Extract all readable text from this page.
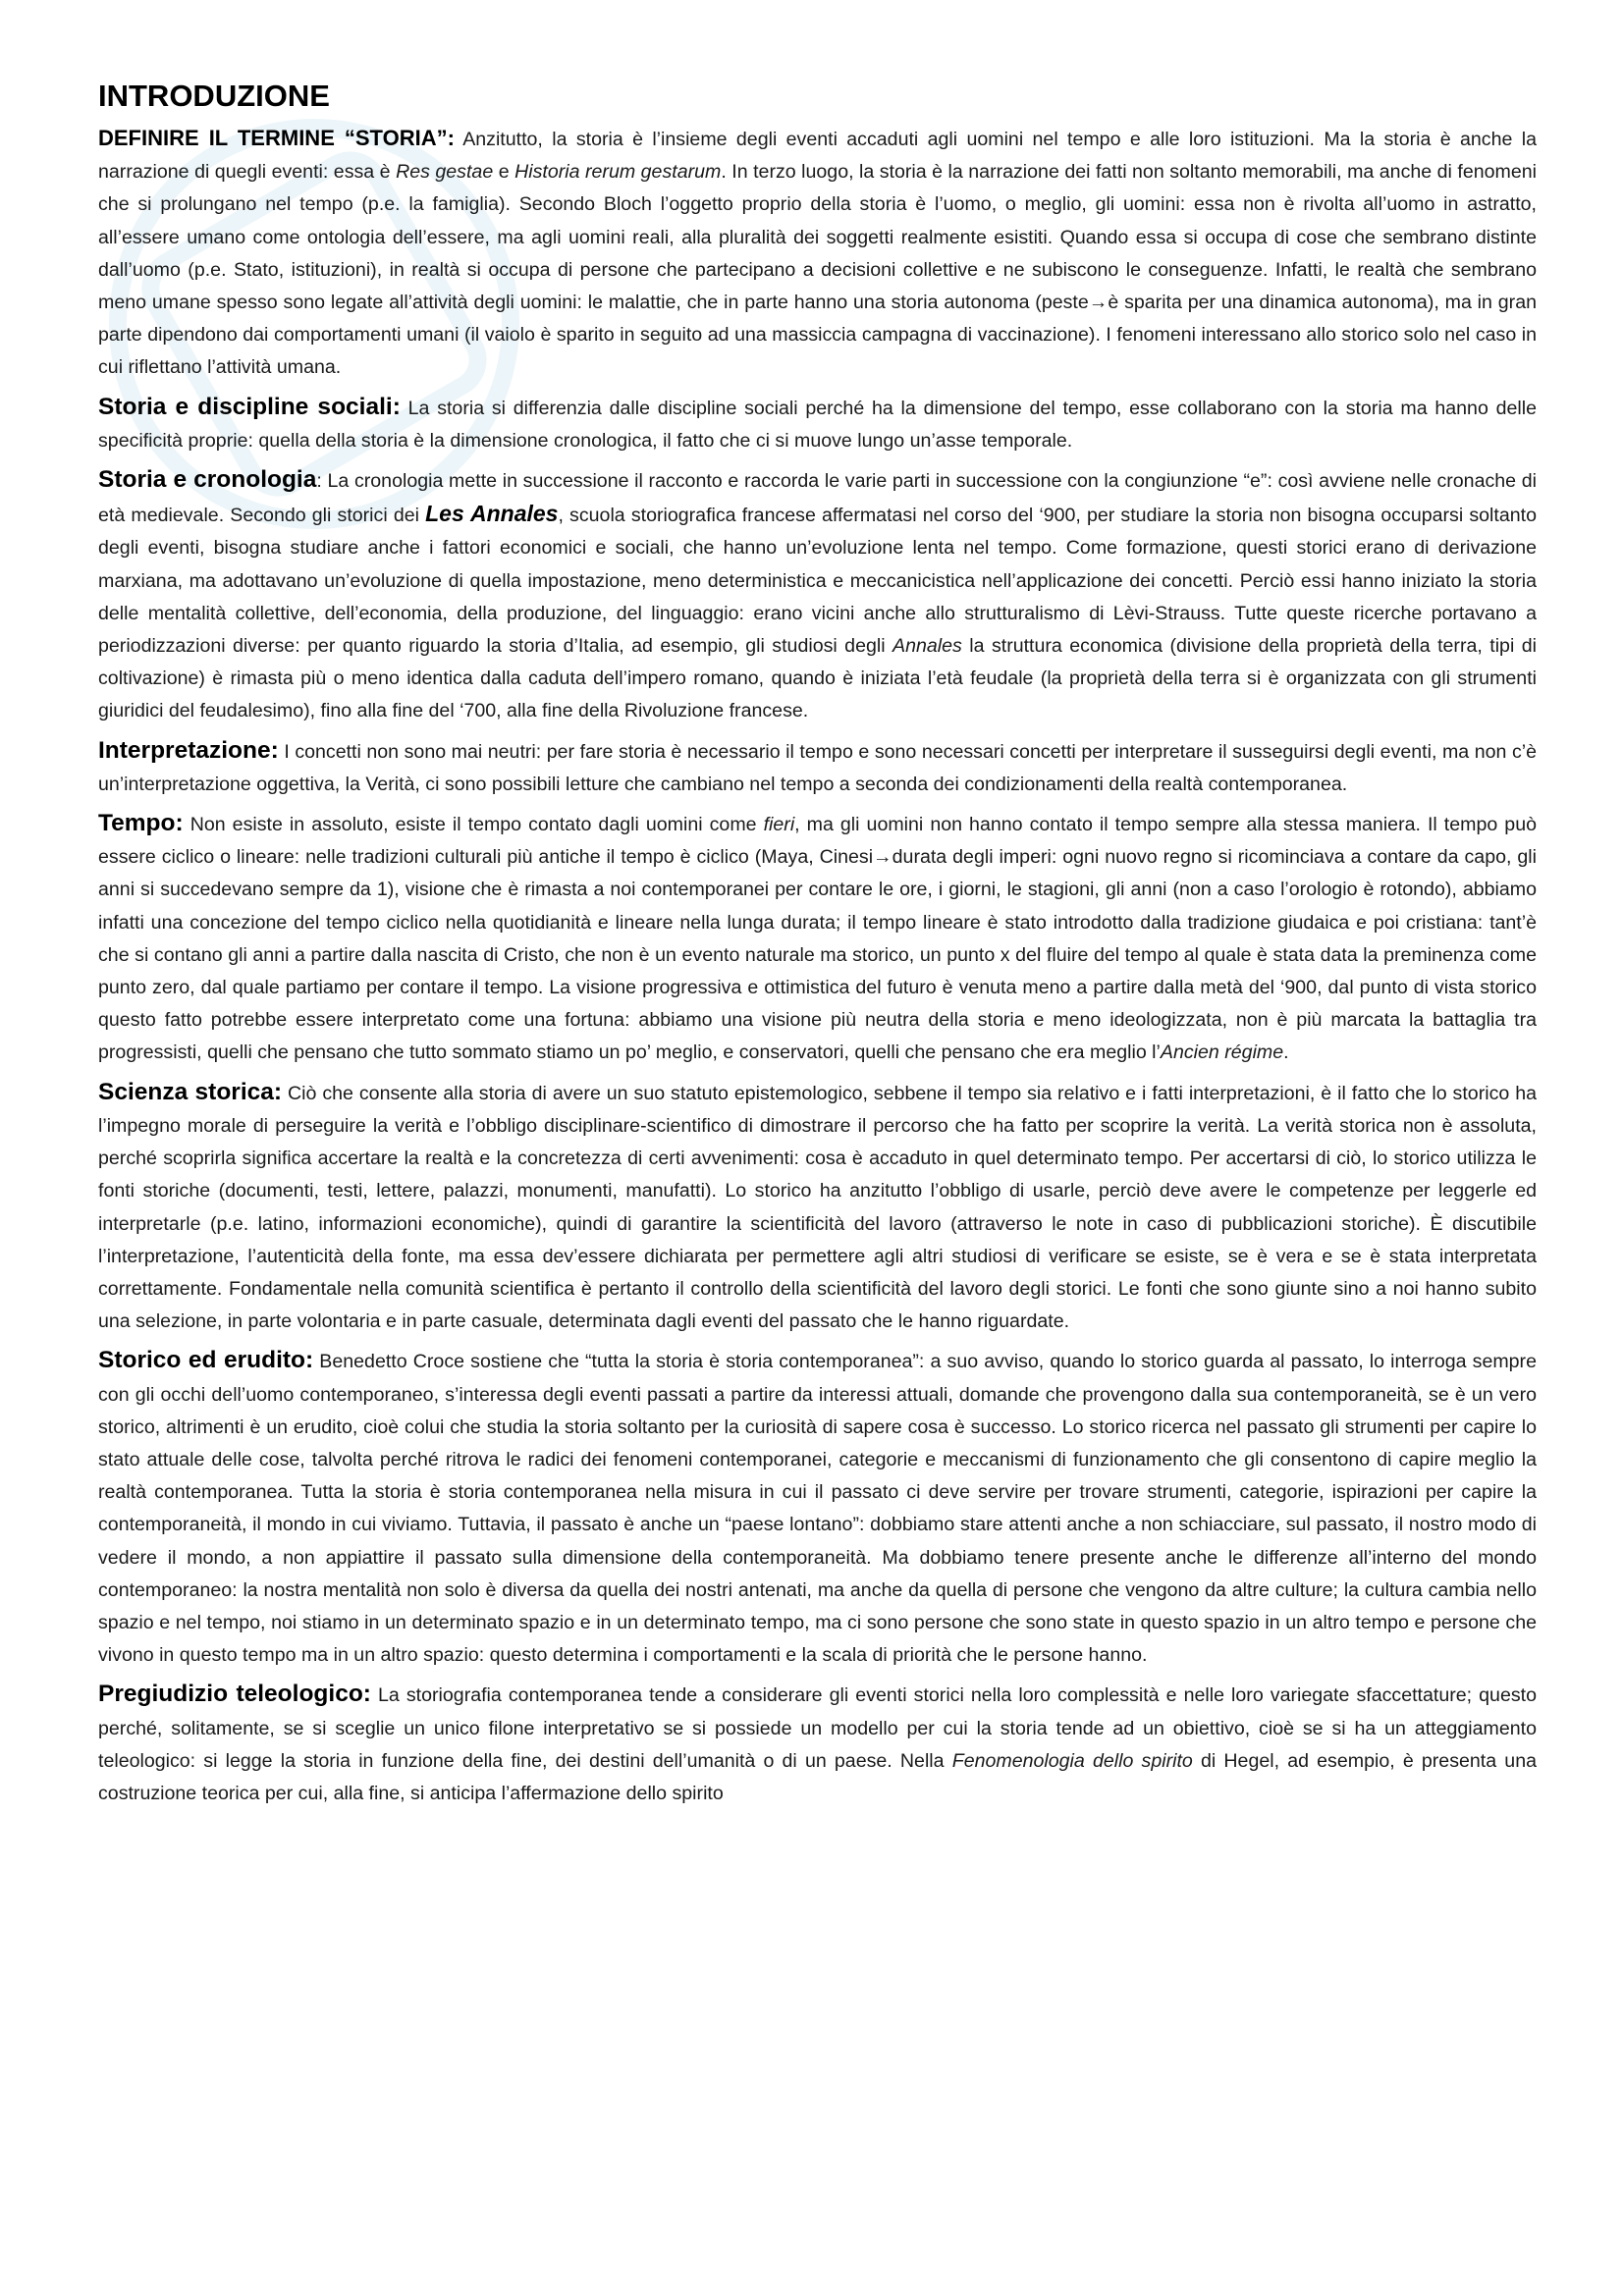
INTRODUZIONE

DEFINIRE IL TERMINE “STORIA”: Anzitutto, la storia è l’insieme degli eventi accaduti agli uomini nel tempo e alle loro istituzioni. Ma la storia è anche la narrazione di quegli eventi: essa è Res gestae e Historia rerum gestarum. In terzo luogo, la storia è la narrazione dei fatti non soltanto memorabili, ma anche di fenomeni che si prolungano nel tempo (p.e. la famiglia). Secondo Bloch l’oggetto proprio della storia è l’uomo, o meglio, gli uomini: essa non è rivolta all’uomo in astratto, all’essere umano come ontologia dell’essere, ma agli uomini reali, alla pluralità dei soggetti realmente esistiti. Quando essa si occupa di cose che sembrano distinte dall’uomo (p.e. Stato, istituzioni), in realtà si occupa di persone che partecipano a decisioni collettive e ne subiscono le conseguenze. Infatti, le realtà che sembrano meno umane spesso sono legate all’attività degli uomini: le malattie, che in parte hanno una storia autonoma (peste→è sparita per una dinamica autonoma), ma in gran parte dipendono dai comportamenti umani (il vaiolo è sparito in seguito ad una massiccia campagna di vaccinazione). I fenomeni interessano allo storico solo nel caso in cui riflettano l’attività umana.

Storia e discipline sociali: La storia si differenzia dalle discipline sociali perché ha la dimensione del tempo, esse collaborano con la storia ma hanno delle specificità proprie: quella della storia è la dimensione cronologica, il fatto che ci si muove lungo un’asse temporale.

Storia e cronologia: La cronologia mette in successione il racconto e raccorda le varie parti in successione con la congiunzione “e”: così avviene nelle cronache di età medievale. Secondo gli storici dei Les Annales, scuola storiografica francese affermatasi nel corso del ‘900, per studiare la storia non bisogna occuparsi soltanto degli eventi, bisogna studiare anche i fattori economici e sociali, che hanno un’evoluzione lenta nel tempo. Come formazione, questi storici erano di derivazione marxiana, ma adottavano un’evoluzione di quella impostazione, meno deterministica e meccanicistica nell’applicazione dei concetti. Perciò essi hanno iniziato la storia delle mentalità collettive, dell’economia, della produzione, del linguaggio: erano vicini anche allo strutturalismo di Lèvi-Strauss. Tutte queste ricerche portavano a periodizzazioni diverse: per quanto riguardo la storia d’Italia, ad esempio, gli studiosi degli Annales la struttura economica (divisione della proprietà della terra, tipi di coltivazione) è rimasta più o meno identica dalla caduta dell’impero romano, quando è iniziata l’età feudale (la proprietà della terra si è organizzata con gli strumenti giuridici del feudalesimo), fino alla fine del ‘700, alla fine della Rivoluzione francese.

Interpretazione: I concetti non sono mai neutri: per fare storia è necessario il tempo e sono necessari concetti per interpretare il susseguirsi degli eventi, ma non c’è un’interpretazione oggettiva, la Verità, ci sono possibili letture che cambiano nel tempo a seconda dei condizionamenti della realtà contemporanea.

Tempo: Non esiste in assoluto, esiste il tempo contato dagli uomini come fieri, ma gli uomini non hanno contato il tempo sempre alla stessa maniera. Il tempo può essere ciclico o lineare: nelle tradizioni culturali più antiche il tempo è ciclico (Maya, Cinesi→durata degli imperi: ogni nuovo regno si ricominciava a contare da capo, gli anni si succedevano sempre da 1), visione che è rimasta a noi contemporanei per contare le ore, i giorni, le stagioni, gli anni (non a caso l’orologio è rotondo), abbiamo infatti una concezione del tempo ciclico nella quotidianità e lineare nella lunga durata; il tempo lineare è stato introdotto dalla tradizione giudaica e poi cristiana: tant’è che si contano gli anni a partire dalla nascita di Cristo, che non è un evento naturale ma storico, un punto x del fluire del tempo al quale è stata data la preminenza come punto zero, dal quale partiamo per contare il tempo. La visione progressiva e ottimistica del futuro è venuta meno a partire dalla metà del ‘900, dal punto di vista storico questo fatto potrebbe essere interpretato come una fortuna: abbiamo una visione più neutra della storia e meno ideologizzata, non è più marcata la battaglia tra progressisti, quelli che pensano che tutto sommato stiamo un po’ meglio, e conservatori, quelli che pensano che era meglio l’Ancien régime.

Scienza storica: Ciò che consente alla storia di avere un suo statuto epistemologico, sebbene il tempo sia relativo e i fatti interpretazioni, è il fatto che lo storico ha l’impegno morale di perseguire la verità e l’obbligo disciplinare-scientifico di dimostrare il percorso che ha fatto per scoprire la verità. La verità storica non è assoluta, perché scoprirla significa accertare la realtà e la concretezza di certi avvenimenti: cosa è accaduto in quel determinato tempo. Per accertarsi di ciò, lo storico utilizza le fonti storiche (documenti, testi, lettere, palazzi, monumenti, manufatti). Lo storico ha anzitutto l’obbligo di usarle, perciò deve avere le competenze per leggerle ed interpretarle (p.e. latino, informazioni economiche), quindi di garantire la scientificità del lavoro (attraverso le note in caso di pubblicazioni storiche). È discutibile l’interpretazione, l’autenticità della fonte, ma essa dev’essere dichiarata per permettere agli altri studiosi di verificare se esiste, se è vera e se è stata interpretata correttamente. Fondamentale nella comunità scientifica è pertanto il controllo della scientificità del lavoro degli storici. Le fonti che sono giunte sino a noi hanno subito una selezione, in parte volontaria e in parte casuale, determinata dagli eventi del passato che le hanno riguardate.

Storico ed erudito: Benedetto Croce sostiene che “tutta la storia è storia contemporanea”: a suo avviso, quando lo storico guarda al passato, lo interroga sempre con gli occhi dell’uomo contemporaneo, s’interessa degli eventi passati a partire da interessi attuali, domande che provengono dalla sua contemporaneità, se è un vero storico, altrimenti è un erudito, cioè colui che studia la storia soltanto per la curiosità di sapere cosa è successo. Lo storico ricerca nel passato gli strumenti per capire lo stato attuale delle cose, talvolta perché ritrova le radici dei fenomeni contemporanei, categorie e meccanismi di funzionamento che gli consentono di capire meglio la realtà contemporanea. Tutta la storia è storia contemporanea nella misura in cui il passato ci deve servire per trovare strumenti, categorie, ispirazioni per capire la contemporaneità, il mondo in cui viviamo. Tuttavia, il passato è anche un “paese lontano”: dobbiamo stare attenti anche a non schiacciare, sul passato, il nostro modo di vedere il mondo, a non appiattire il passato sulla dimensione della contemporaneità. Ma dobbiamo tenere presente anche le differenze all’interno del mondo contemporaneo: la nostra mentalità non solo è diversa da quella dei nostri antenati, ma anche da quella di persone che vengono da altre culture; la cultura cambia nello spazio e nel tempo, noi stiamo in un determinato spazio e in un determinato tempo, ma ci sono persone che sono state in questo spazio in un altro tempo e persone che vivono in questo tempo ma in un altro spazio: questo determina i comportamenti e la scala di priorità che le persone hanno.

Pregiudizio teleologico: La storiografia contemporanea tende a considerare gli eventi storici nella loro complessità e nelle loro variegate sfaccettature; questo perché, solitamente, se si sceglie un unico filone interpretativo se si possiede un modello per cui la storia tende ad un obiettivo, cioè se si ha un atteggiamento teleologico: si legge la storia in funzione della fine, dei destini dell’umanità o di un paese. Nella Fenomenologia dello spirito di Hegel, ad esempio, è presenta una costruzione teorica per cui, alla fine, si anticipa l’affermazione dello spirito
